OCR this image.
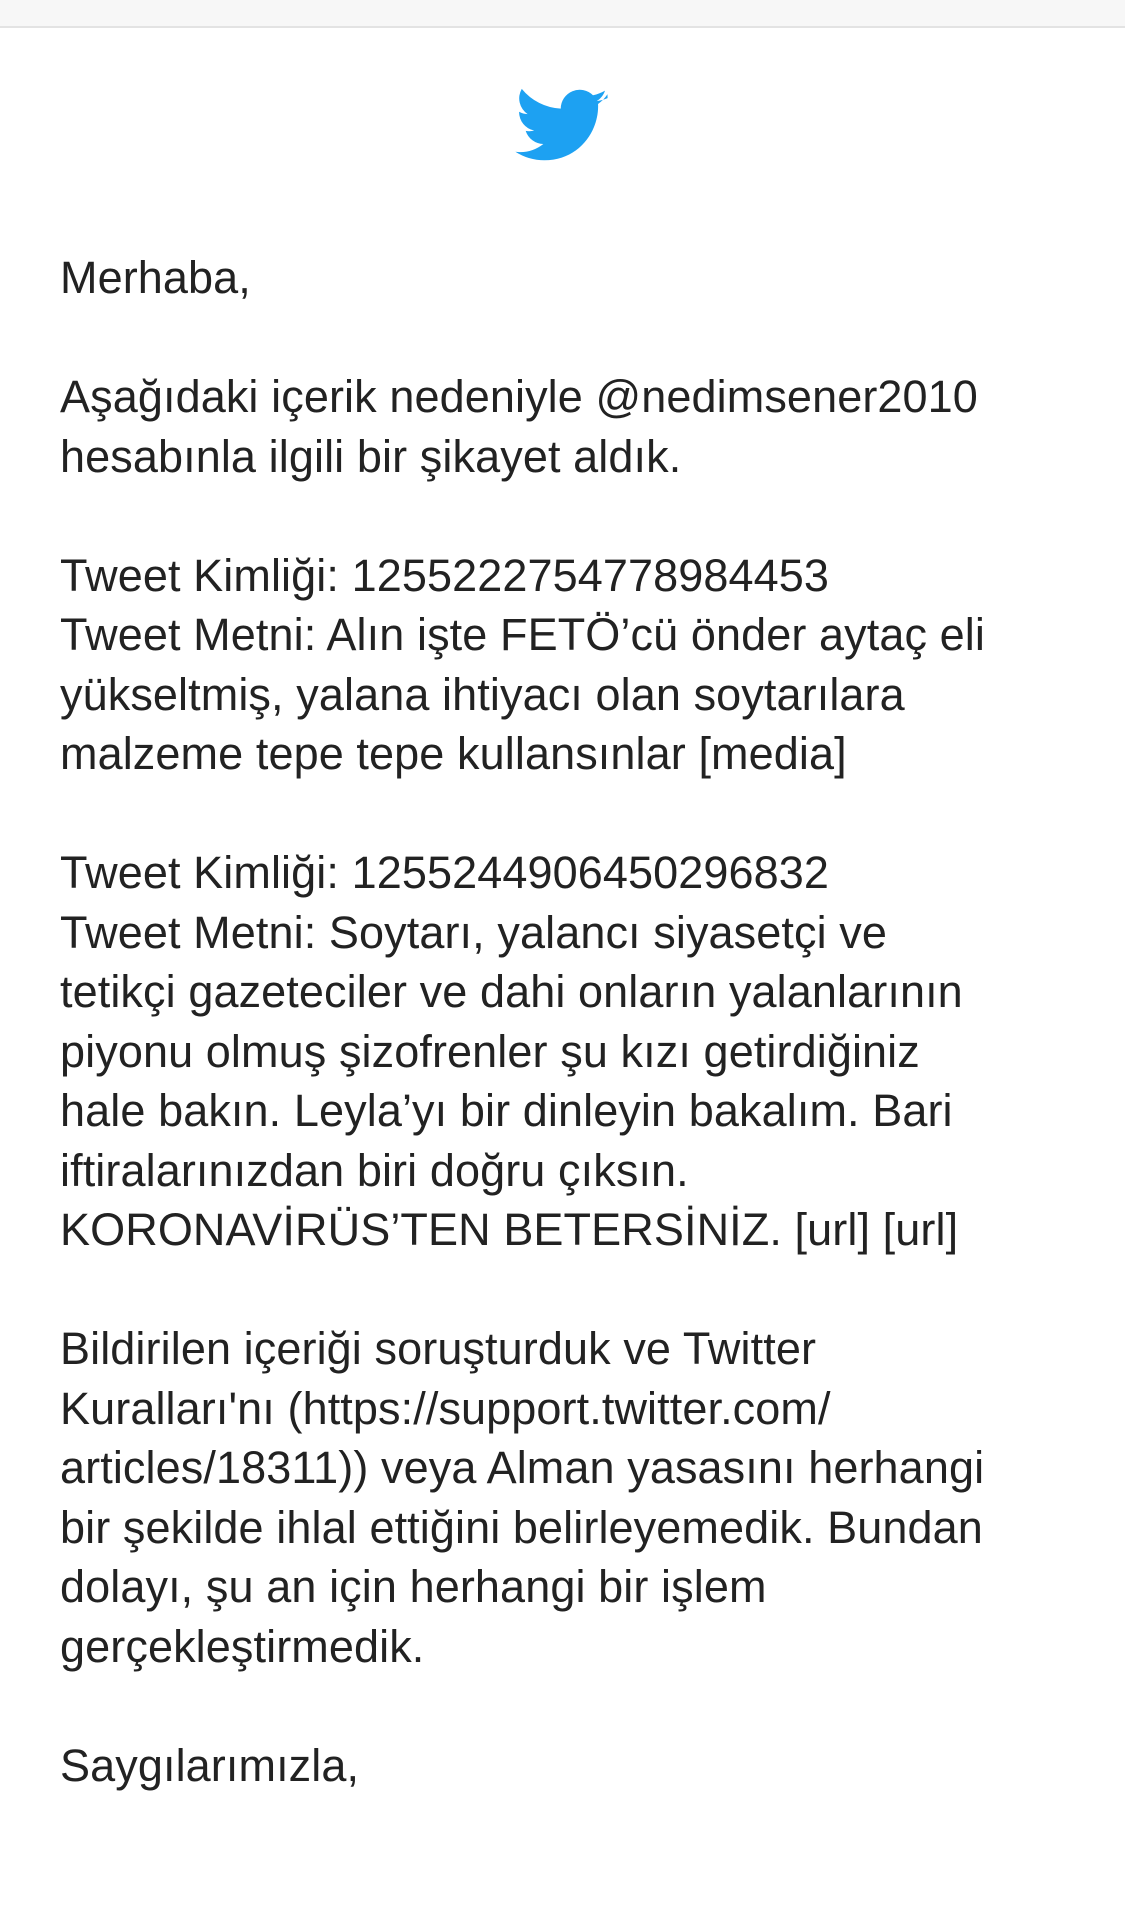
Merhaba,
Aşağıdaki içerik nedeniyle @nedimsener2010
hesabınla ilgili bir şikayet aldık.
Tweet Kimliği: 1255222754778984453
Tweet Metni: Alın işte FETÖ’cü önder aytaç eli
yükseltmiş, yalana ihtiyacı olan soytarılara
malzeme tepe tepe kullansınlar [media]
Tweet Kimliği: 1255244906450296832
Tweet Metni: Soytarı, yalancı siyasetçi ve
tetikçi gazeteciler ve dahi onların yalanlarının
piyonu olmuş şizofrenler şu kızı getirdiğiniz
hale bakın. Leyla’yı bir dinleyin bakalım. Bari
iftiralarınızdan biri doğru çıksın.
KORONAVİRÜS’TEN BETERSİNİZ. [url] [url]
Bildirilen içeriği soruşturduk ve Twitter
Kuralları'nı (https://support.twitter.com/
articles/18311)) veya Alman yasasını herhangi
bir şekilde ihlal ettiğini belirleyemedik. Bundan
dolayı, şu an için herhangi bir işlem
gerçekleştirmedik.
Saygılarımızla,
